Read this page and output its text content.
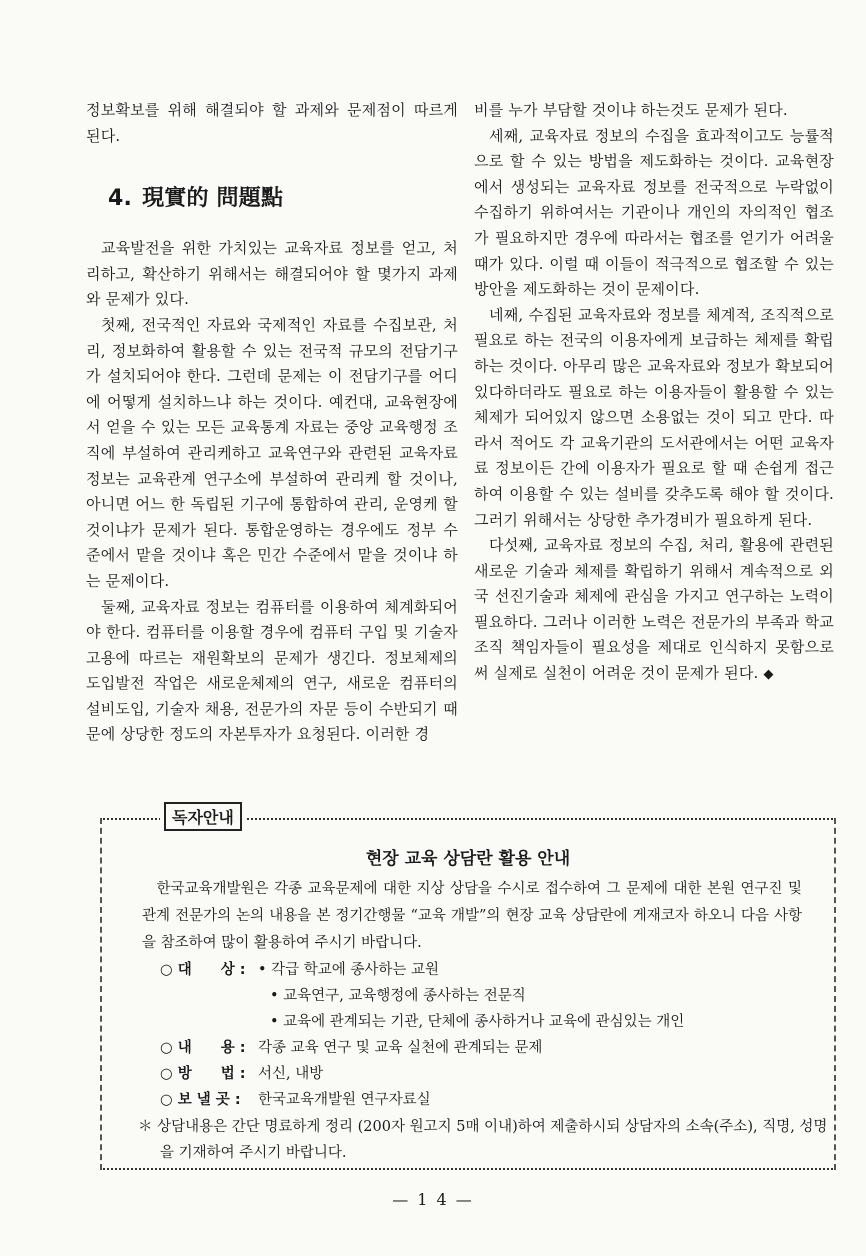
정보확보를 위해 해결되야 할 과제와 문제점이 따르게 된다.

4. 現實的 問題點

교육발전을 위한 가치있는 교육자료 정보를 얻고, 처리하고, 확산하기 위해서는 해결되어야 할 몇가지 과제와 문제가 있다.

첫째, 전국적인 자료와 국제적인 자료를 수집보관, 처리, 정보화하여 활용할 수 있는 전국적 규모의 전담기구가 설치되어야 한다. 그런데 문제는 이 전담기구를 어디에 어떻게 설치하느냐 하는 것이다. 예컨대, 교육현장에서 얻을 수 있는 모든 교육통계 자료는 중앙 교육행정 조직에 부설하여 관리케하고 교육연구와 관련된 교육자료 정보는 교육관계 연구소에 부설하여 관리케 할 것이나, 아니면 어느 한 독립된 기구에 통합하여 관리, 운영케 할 것이냐가 문제가 된다. 통합운영하는 경우에도 정부 수준에서 맡을 것이냐 혹은 민간 수준에서 맡을 것이냐 하는 문제이다.

둘째, 교육자료 정보는 컴퓨터를 이용하여 체계화되어야 한다. 컴퓨터를 이용할 경우에 컴퓨터 구입 및 기술자 고용에 따르는 재원확보의 문제가 생긴다. 정보체제의 도입발전 작업은 새로운체제의 연구, 새로운 컴퓨터의 설비도입, 기술자 채용, 전문가의 자문 등이 수반되기 때문에 상당한 정도의 자본투자가 요청된다. 이러한 경

비를 누가 부담할 것이냐 하는것도 문제가 된다.

세째, 교육자료 정보의 수집을 효과적이고도 능률적으로 할 수 있는 방법을 제도화하는 것이다. 교육현장에서 생성되는 교육자료 정보를 전국적으로 누락없이 수집하기 위하여서는 기관이나 개인의 자의적인 협조가 필요하지만 경우에 따라서는 협조를 얻기가 어려울 때가 있다. 이럴 때 이들이 적극적으로 협조할 수 있는 방안을 제도화하는 것이 문제이다.

네째, 수집된 교육자료와 정보를 체계적, 조직적으로 필요로 하는 전국의 이용자에게 보급하는 체제를 확립하는 것이다. 아무리 많은 교육자료와 정보가 확보되어 있다하더라도 필요로 하는 이용자들이 활용할 수 있는 체제가 되어있지 않으면 소용없는 것이 되고 만다. 따라서 적어도 각 교육기관의 도서관에서는 어떤 교육자료 정보이든 간에 이용자가 필요로 할 때 손쉽게 접근하여 이용할 수 있는 설비를 갖추도록 해야 할 것이다. 그러기 위해서는 상당한 추가경비가 필요하게 된다.

다섯째, 교육자료 정보의 수집, 처리, 활용에 관련된 새로운 기술과 체제를 확립하기 위해서 계속적으로 외국 선진기술과 체제에 관심을 가지고 연구하는 노력이 필요하다. 그러나 이러한 노력은 전문가의 부족과 학교조직 책임자들이 필요성을 제대로 인식하지 못함으로써 실제로 실천이 어려운 것이 문제가 된다. ◆

독자안내
현장 교육 상담란 활용 안내
한국교육개발원은 각종 교육문제에 대한 지상 상담을 수시로 접수하여 그 문제에 대한 본원 연구진 및 관계 전문가의 논의 내용을 본 정기간행물 “교육 개발”의 현장 교육 상담란에 게재코자 하오니 다음 사항을 참조하여 많이 활용하여 주시기 바랍니다.
○ 대　　상 : • 각급 학교에 종사하는 교원
• 교육연구, 교육행정에 종사하는 전문직
• 교육에 관계되는 기관, 단체에 종사하거나 교육에 관심있는 개인
○ 내　　용 : 각종 교육 연구 및 교육 실천에 관계되는 문제
○ 방　　법 : 서신, 내방
○ 보 낼 곳 : 한국교육개발원 연구자료실
＊ 상담내용은 간단 명료하게 정리 (200자 원고지 5매 이내)하여 제출하시되 상담자의 소속(주소), 직명, 성명을 기재하여 주시기 바랍니다.
— 1 4 —
